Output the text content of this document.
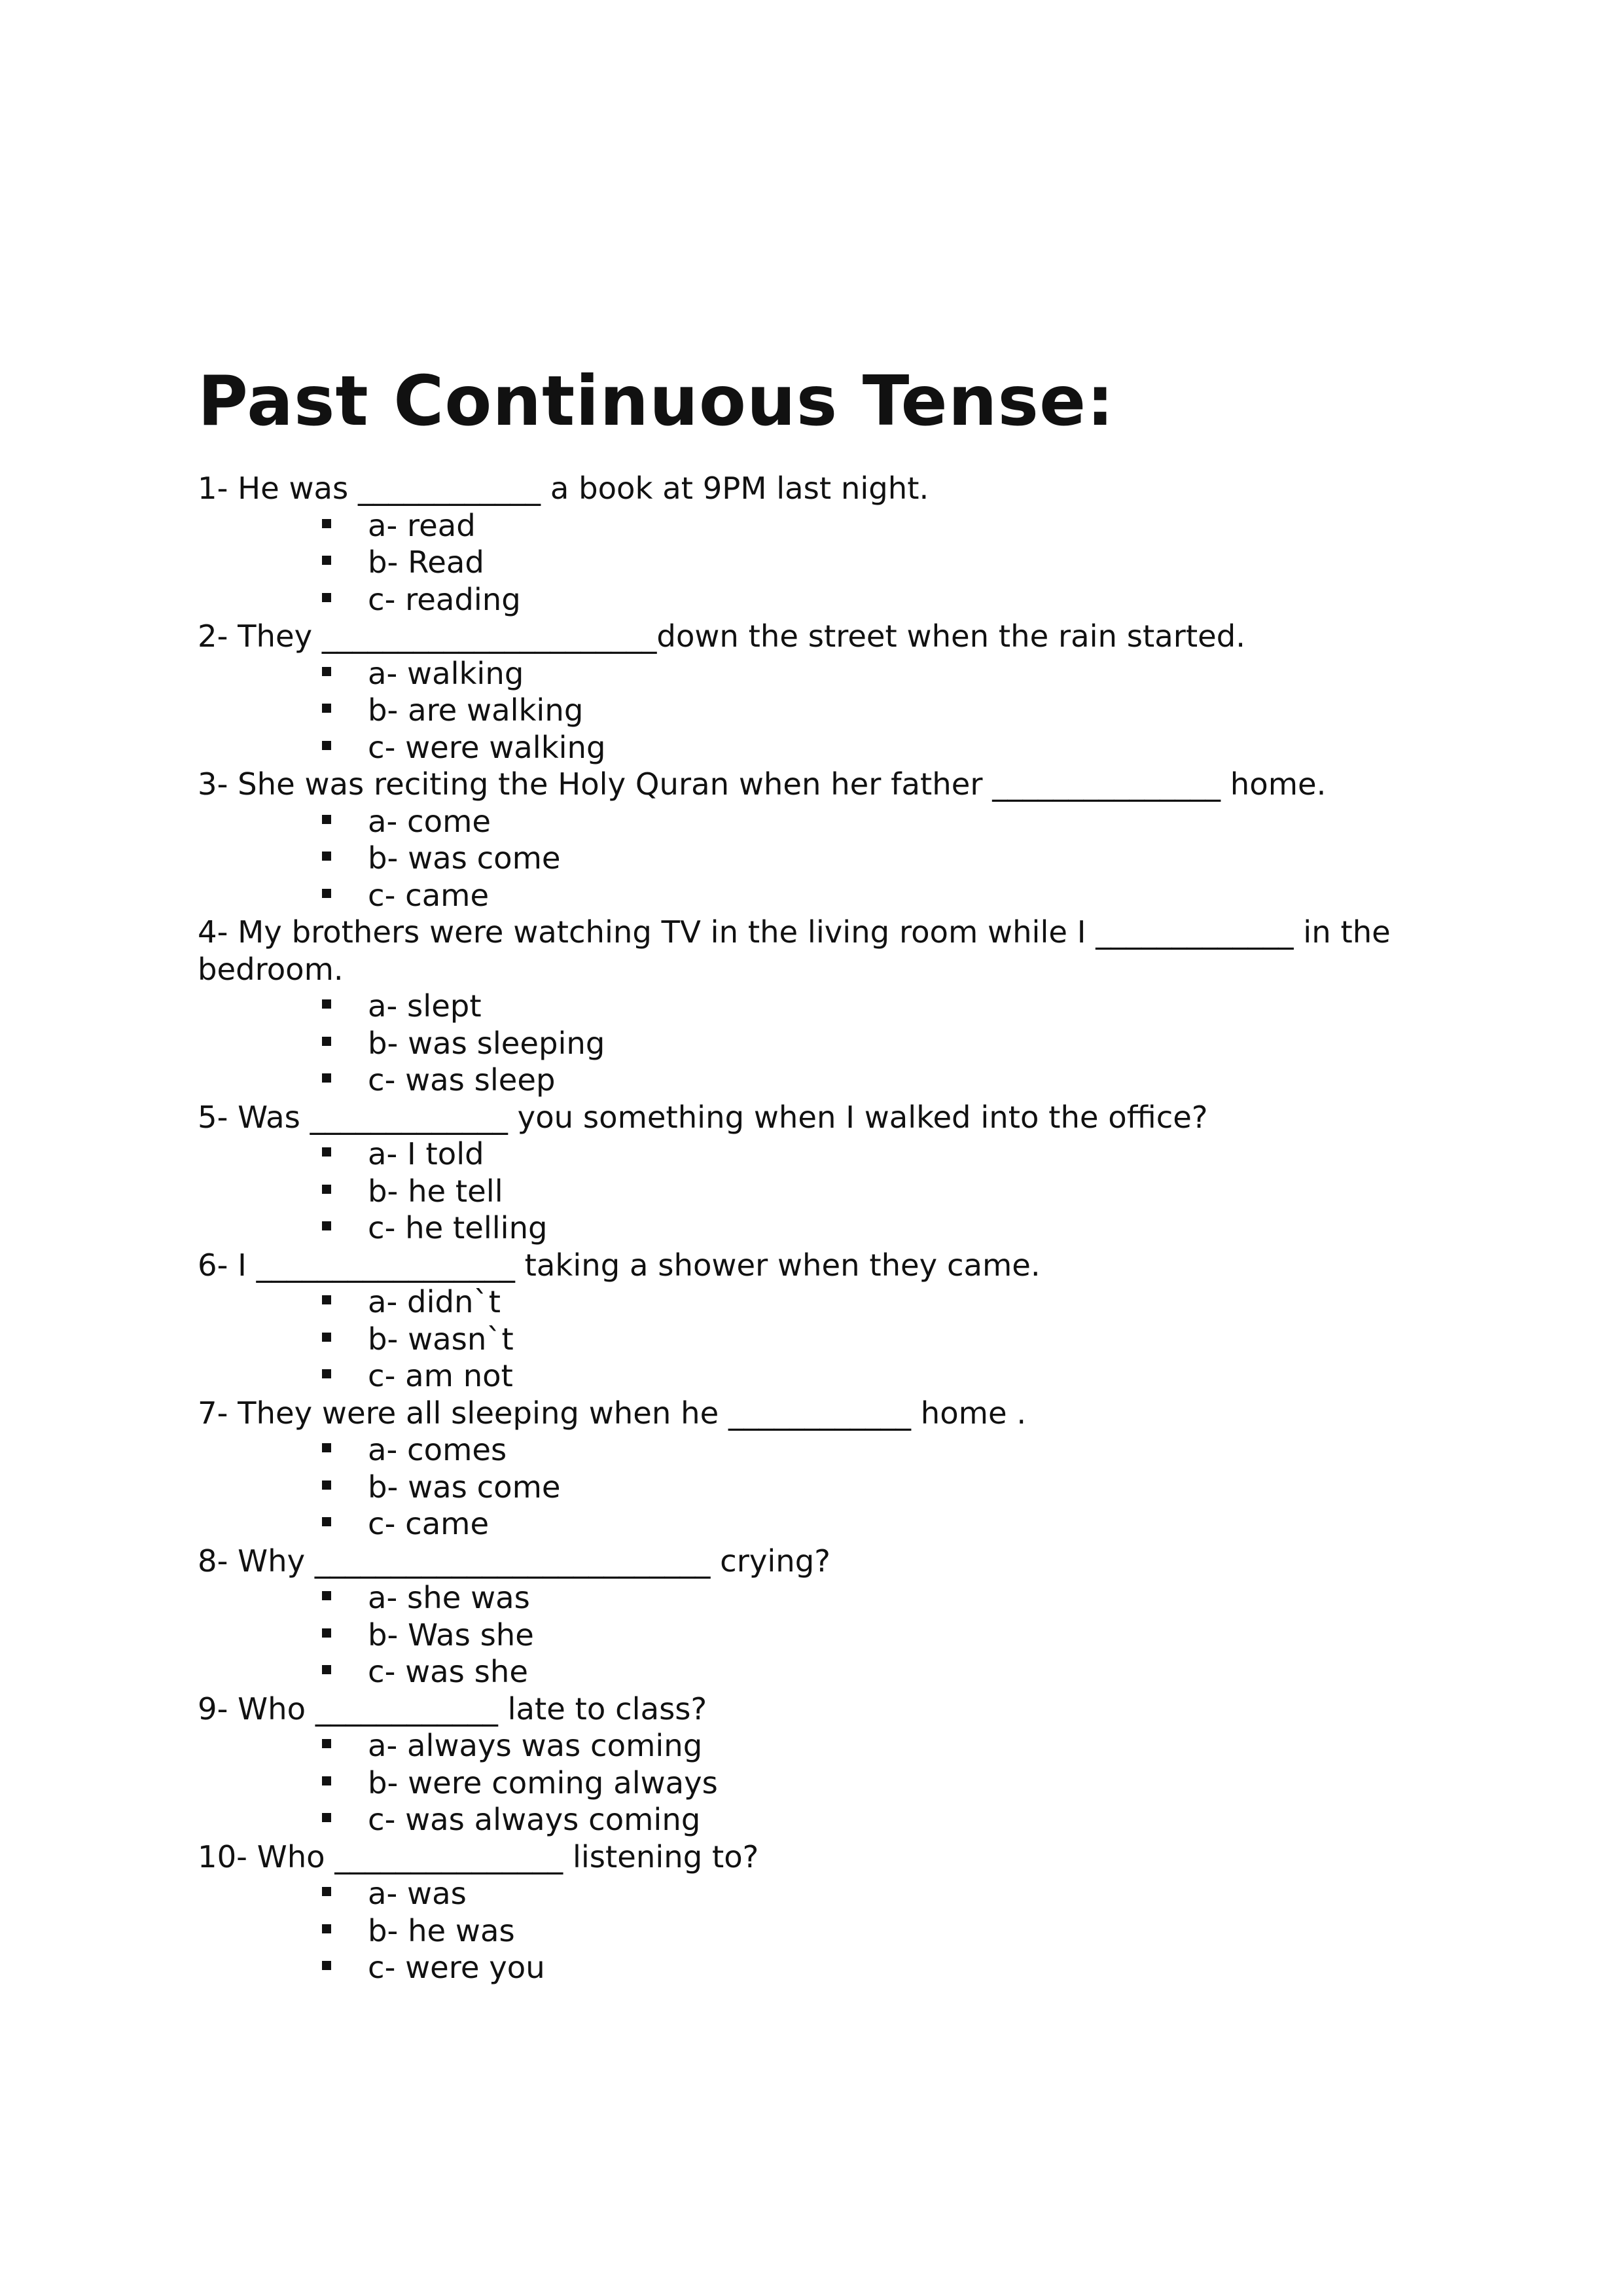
Past Continuous Tense:
1- He was ____________ a book at 9PM last night.
a- read
b- Read
c- reading
2- They ______________________down the street when the rain started.
a- walking
b- are walking
c- were walking
3- She was reciting the Holy Quran when her father _______________ home.
a- come
b- was come
c- came
4- My brothers were watching TV in the living room while I _____________ in the bedroom.
a- slept
b- was sleeping
c- was sleep
5- Was _____________ you something when I walked into the office?
a- I told
b- he tell
c- he telling
6- I _________________ taking a shower when they came.
a- didn`t
b- wasn`t
c- am not
7- They were all sleeping when he ____________ home .
a- comes
b- was come
c- came
8- Why __________________________ crying?
a- she was
b- Was she
c- was she
9- Who ____________ late to class?
a- always was coming
b- were coming always
c- was always coming
10- Who _______________ listening to?
a- was
b- he was
c- were you
